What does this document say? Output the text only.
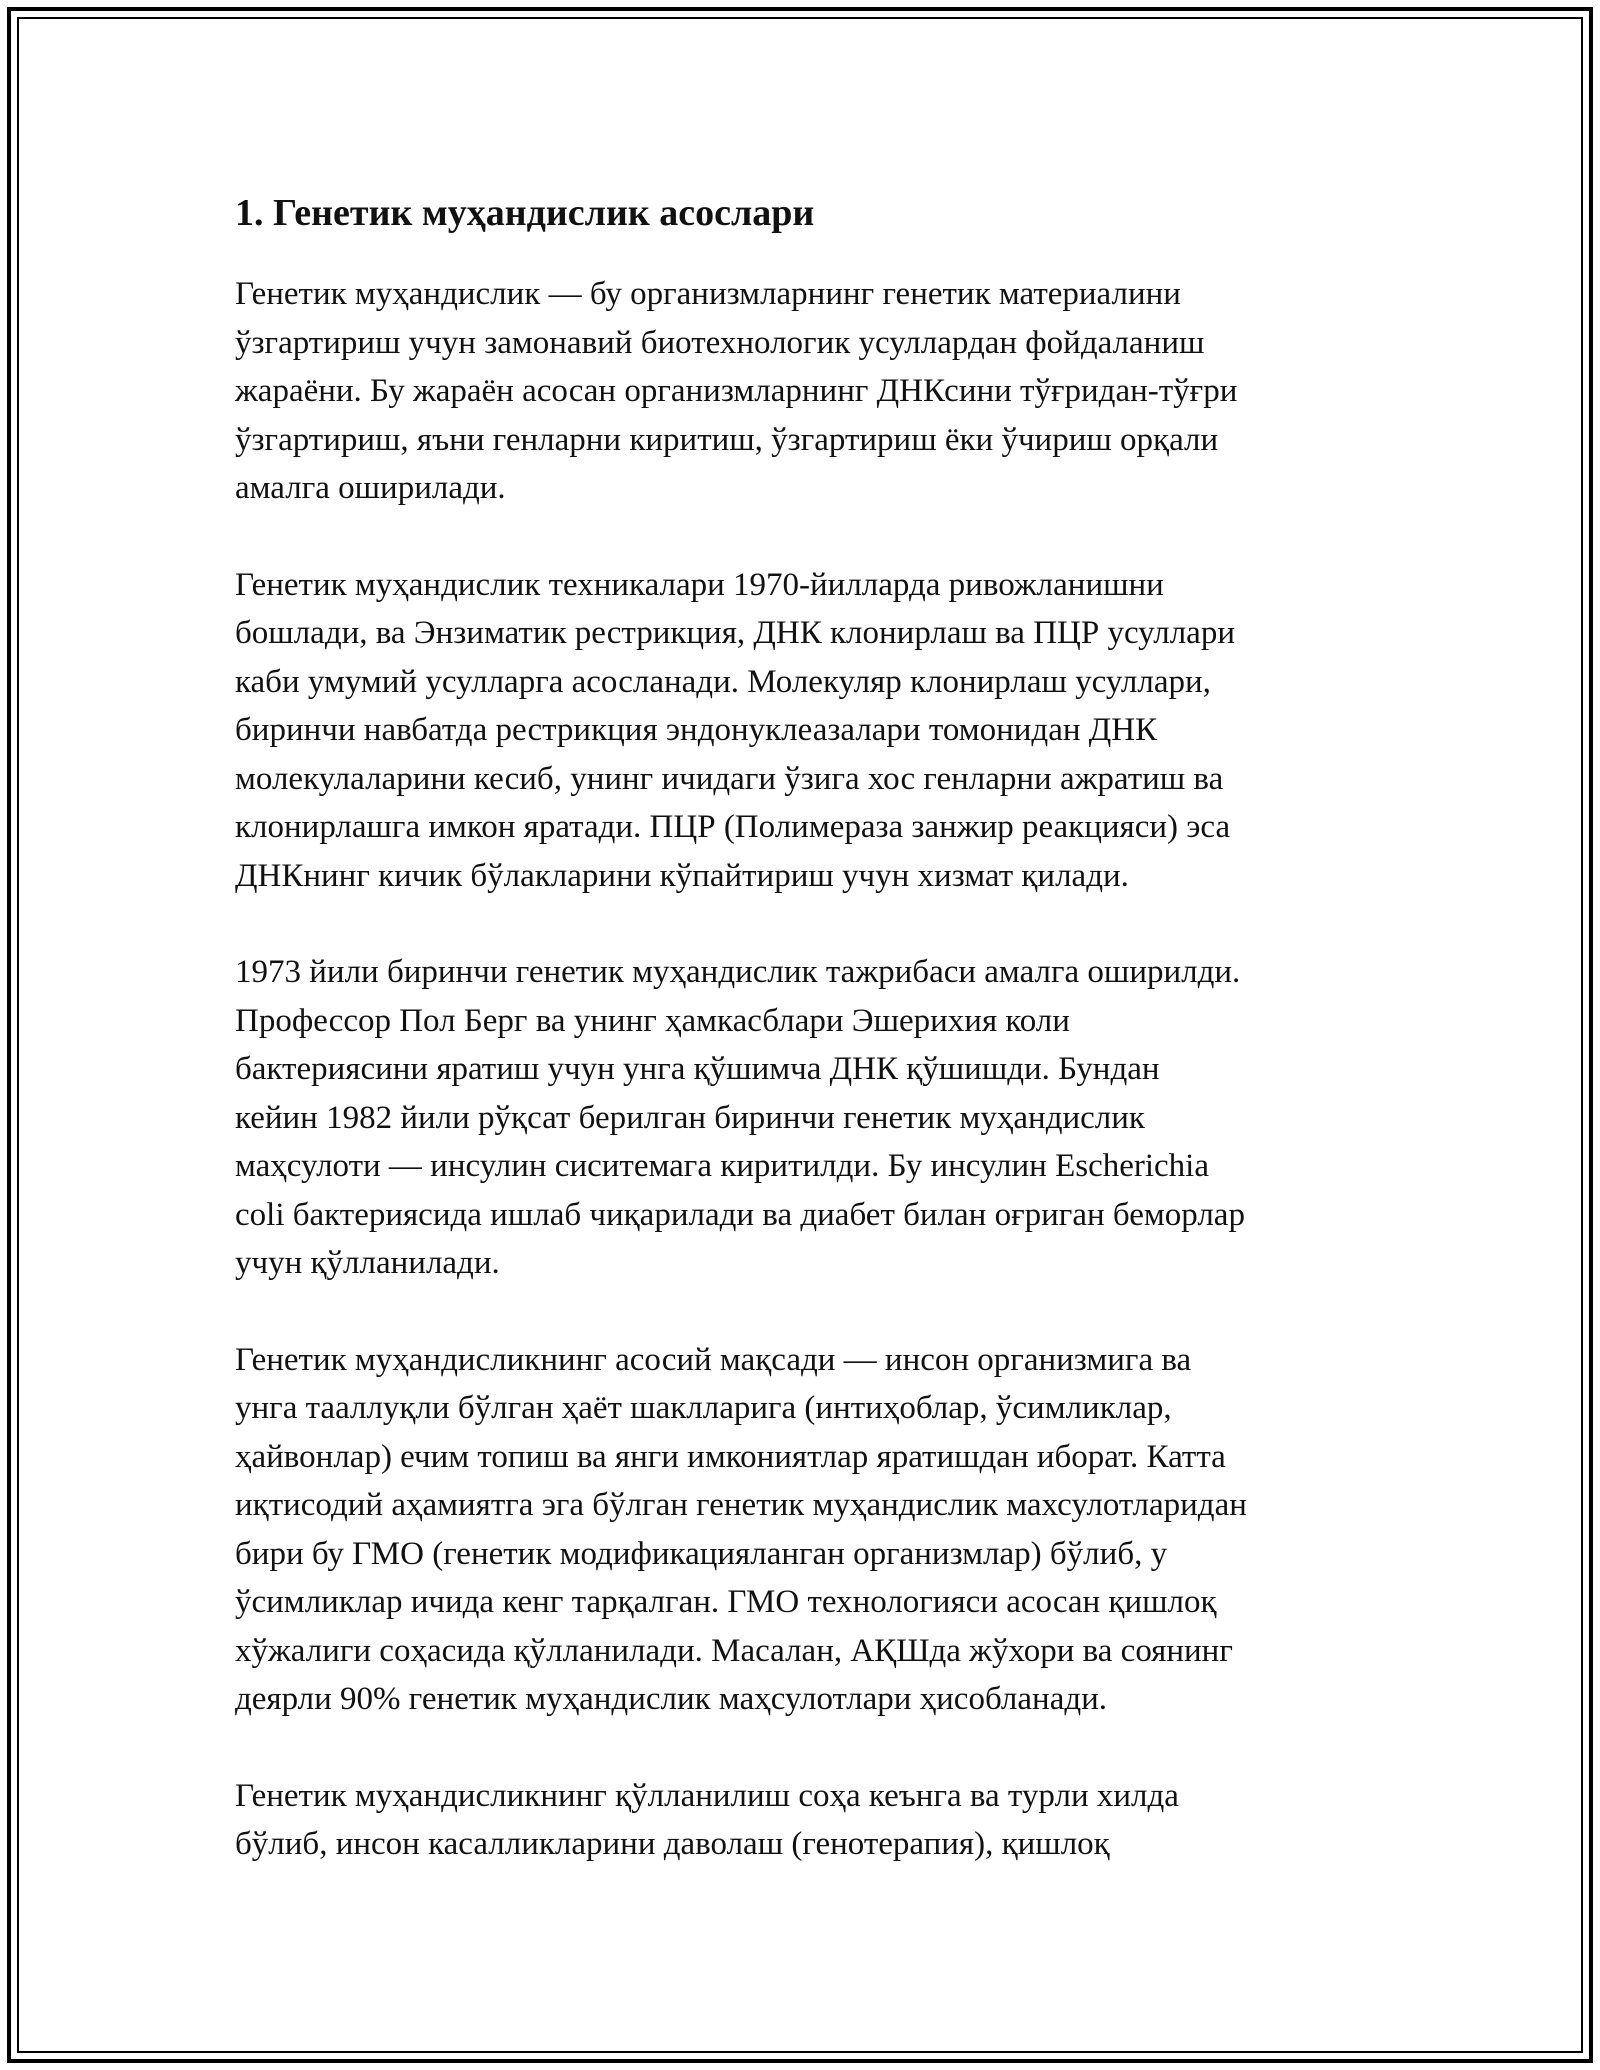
1. Генетик муҳандислик асослари

Генетик муҳандислик — бу организмларнинг генетик материалини
ўзгартириш учун замонавий биотехнологик усуллардан фойдаланиш
жараёни. Бу жараён асосан организмларнинг ДНКсини тўғридан-тўғри
ўзгартириш, яъни генларни киритиш, ўзгартириш ёки ўчириш орқали
амалга оширилади.

Генетик муҳандислик техникалари 1970-йилларда ривожланишни
бошлади, ва Энзиматик рестрикция, ДНК клонирлаш ва ПЦР усуллари
каби умумий усулларга асосланади. Молекуляр клонирлаш усуллари,
биринчи навбатда рестрикция эндонуклеазалари томонидан ДНК
молекулаларини кесиб, унинг ичидаги ўзига хос генларни ажратиш ва
клонирлашга имкон яратади. ПЦР (Полимераза занжир реакцияси) эса
ДНКнинг кичик бўлакларини кўпайтириш учун хизмат қилади.

1973 йили биринчи генетик муҳандислик тажрибаси амалга оширилди.
Профессор Пол Берг ва унинг ҳамкасблари Эшерихия коли
бактериясини яратиш учун унга қўшимча ДНК қўшишди. Бундан
кейин 1982 йили рўқсат берилган биринчи генетик муҳандислик
маҳсулоти — инсулин сиситемага киритилди. Бу инсулин Escherichia
coli бактериясида ишлаб чиқарилади ва диабет билан оғриган беморлар
учун қўлланилади.

Генетик муҳандисликнинг асосий мақсади — инсон организмига ва
унга тааллуқли бўлган ҳаёт шаклларига (интиҳоблар, ўсимликлар,
ҳайвонлар) ечим топиш ва янги имкониятлар яратишдан иборат. Катта
иқтисодий аҳамиятга эга бўлган генетик муҳандислик махсулотларидан
бири бу ГМО (генетик модификацияланган организмлар) бўлиб, у
ўсимликлар ичида кенг тарқалган. ГМО технологияси асосан қишлоқ
хўжалиги соҳасида қўлланилади. Масалан, АҚШда жўхори ва соянинг
деярли 90% генетик муҳандислик маҳсулотлари ҳисобланади.

Генетик муҳандисликнинг қўлланилиш соҳа кеънга ва турли хилда
бўлиб, инсон касалликларини даволаш (генотерапия), қишлоқ
